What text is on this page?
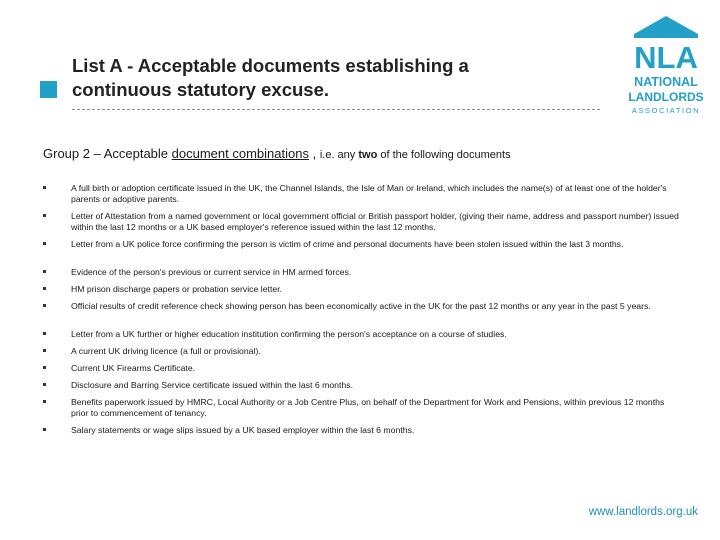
List A - Acceptable documents establishing a
continuous statutory excuse.
NLA
NATIONAL
LANDLORDS
ASSOCIATION
Group 2 – Acceptable document combinations , i.e. any two of the following documents
A full birth or adoption certificate issued in the UK, the Channel Islands, the Isle of Man or Ireland, which includes the name(s) of at least one of the holder's parents or adoptive parents.
Letter of Attestation from a named government or local government official or British passport holder, (giving their name, address and passport number) issued within the last 12 months or a UK based employer's reference issued within the last 12 months.
Letter from a UK police force confirming the person is victim of crime and personal documents have been stolen issued within the last 3 months.
Evidence of the person's previous or current service in HM armed forces.
HM prison discharge papers or probation service letter.
Official results of credit reference check showing person has been economically active in the UK for the past 12 months or any year in the past 5 years.
Letter from a UK further or higher education institution confirming the person's acceptance on a course of studies.
A current UK driving licence (a full or provisional).
Current UK Firearms Certificate.
Disclosure and Barring Service certificate issued within the last 6 months.
Benefits paperwork issued by HMRC, Local Authority or a Job Centre Plus, on behalf of the Department for Work and Pensions, within previous 12 months prior to commencement of tenancy.
Salary statements or wage slips issued by a UK based employer within the last 6 months.
www.landlords.org.uk
